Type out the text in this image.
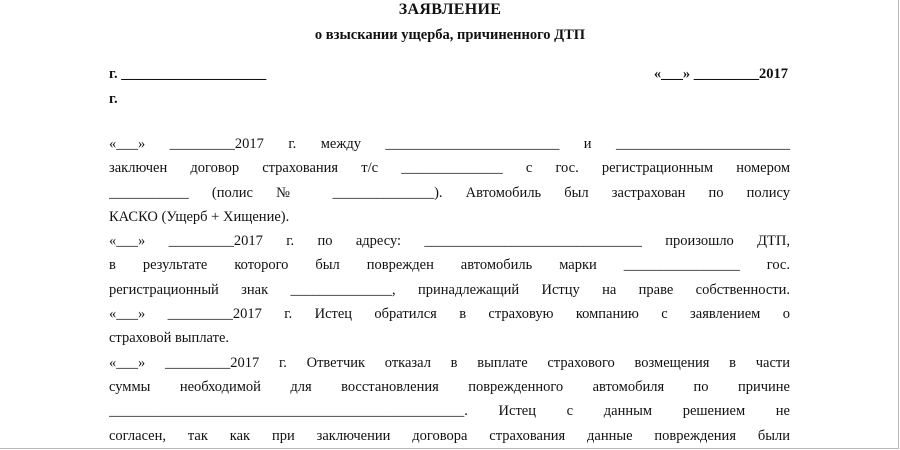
ЗАЯВЛЕНИЕ
о взыскании ущерба, причиненного ДТП
г. ____________________	«___» _________2017
г.
«___» _________2017 г. между ________________________ и ________________________
заключен договор страхования т/с ______________ с гос. регистрационным номером
___________ (полис № ______________). Автомобиль был застрахован по полису
КАСКО (Ущерб + Хищение).
«___» _________2017 г. по адресу: ______________________________ произошло ДТП,
в результате которого был поврежден автомобиль марки ________________ гос.
регистрационный знак ______________, принадлежащий Истцу на праве собственности.
«___» _________2017 г. Истец обратился в страховую компанию с заявлением о
страховой выплате.
«___» _________2017 г. Ответчик отказал в выплате страхового возмещения в части
суммы необходимой для восстановления поврежденного автомобиля по причине
_________________________________________________. Истец с данным решением не
согласен, так как при заключении договора страхования данные повреждения были
